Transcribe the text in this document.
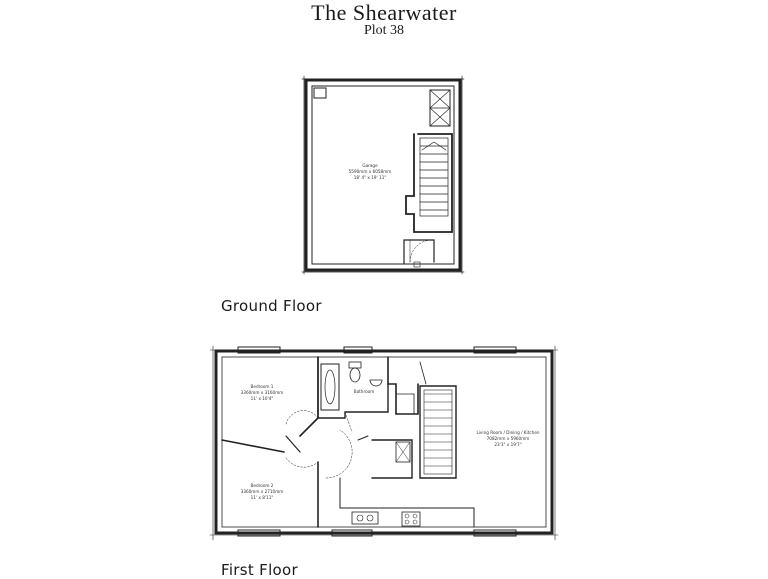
The Shearwater
Plot 38
Garage
5590mm x 6058mm
18' 4" x 19' 11"
Bedroom 1
3360mm x 3160mm
11' x 10'4"
Bathroom
Living Room / Dining / Kitchen
7082mm x 5960mm
23'3" x 19'7"
Bedroom 2
3360mm x 2710mm
11' x 8'11"
Ground Floor
First Floor
